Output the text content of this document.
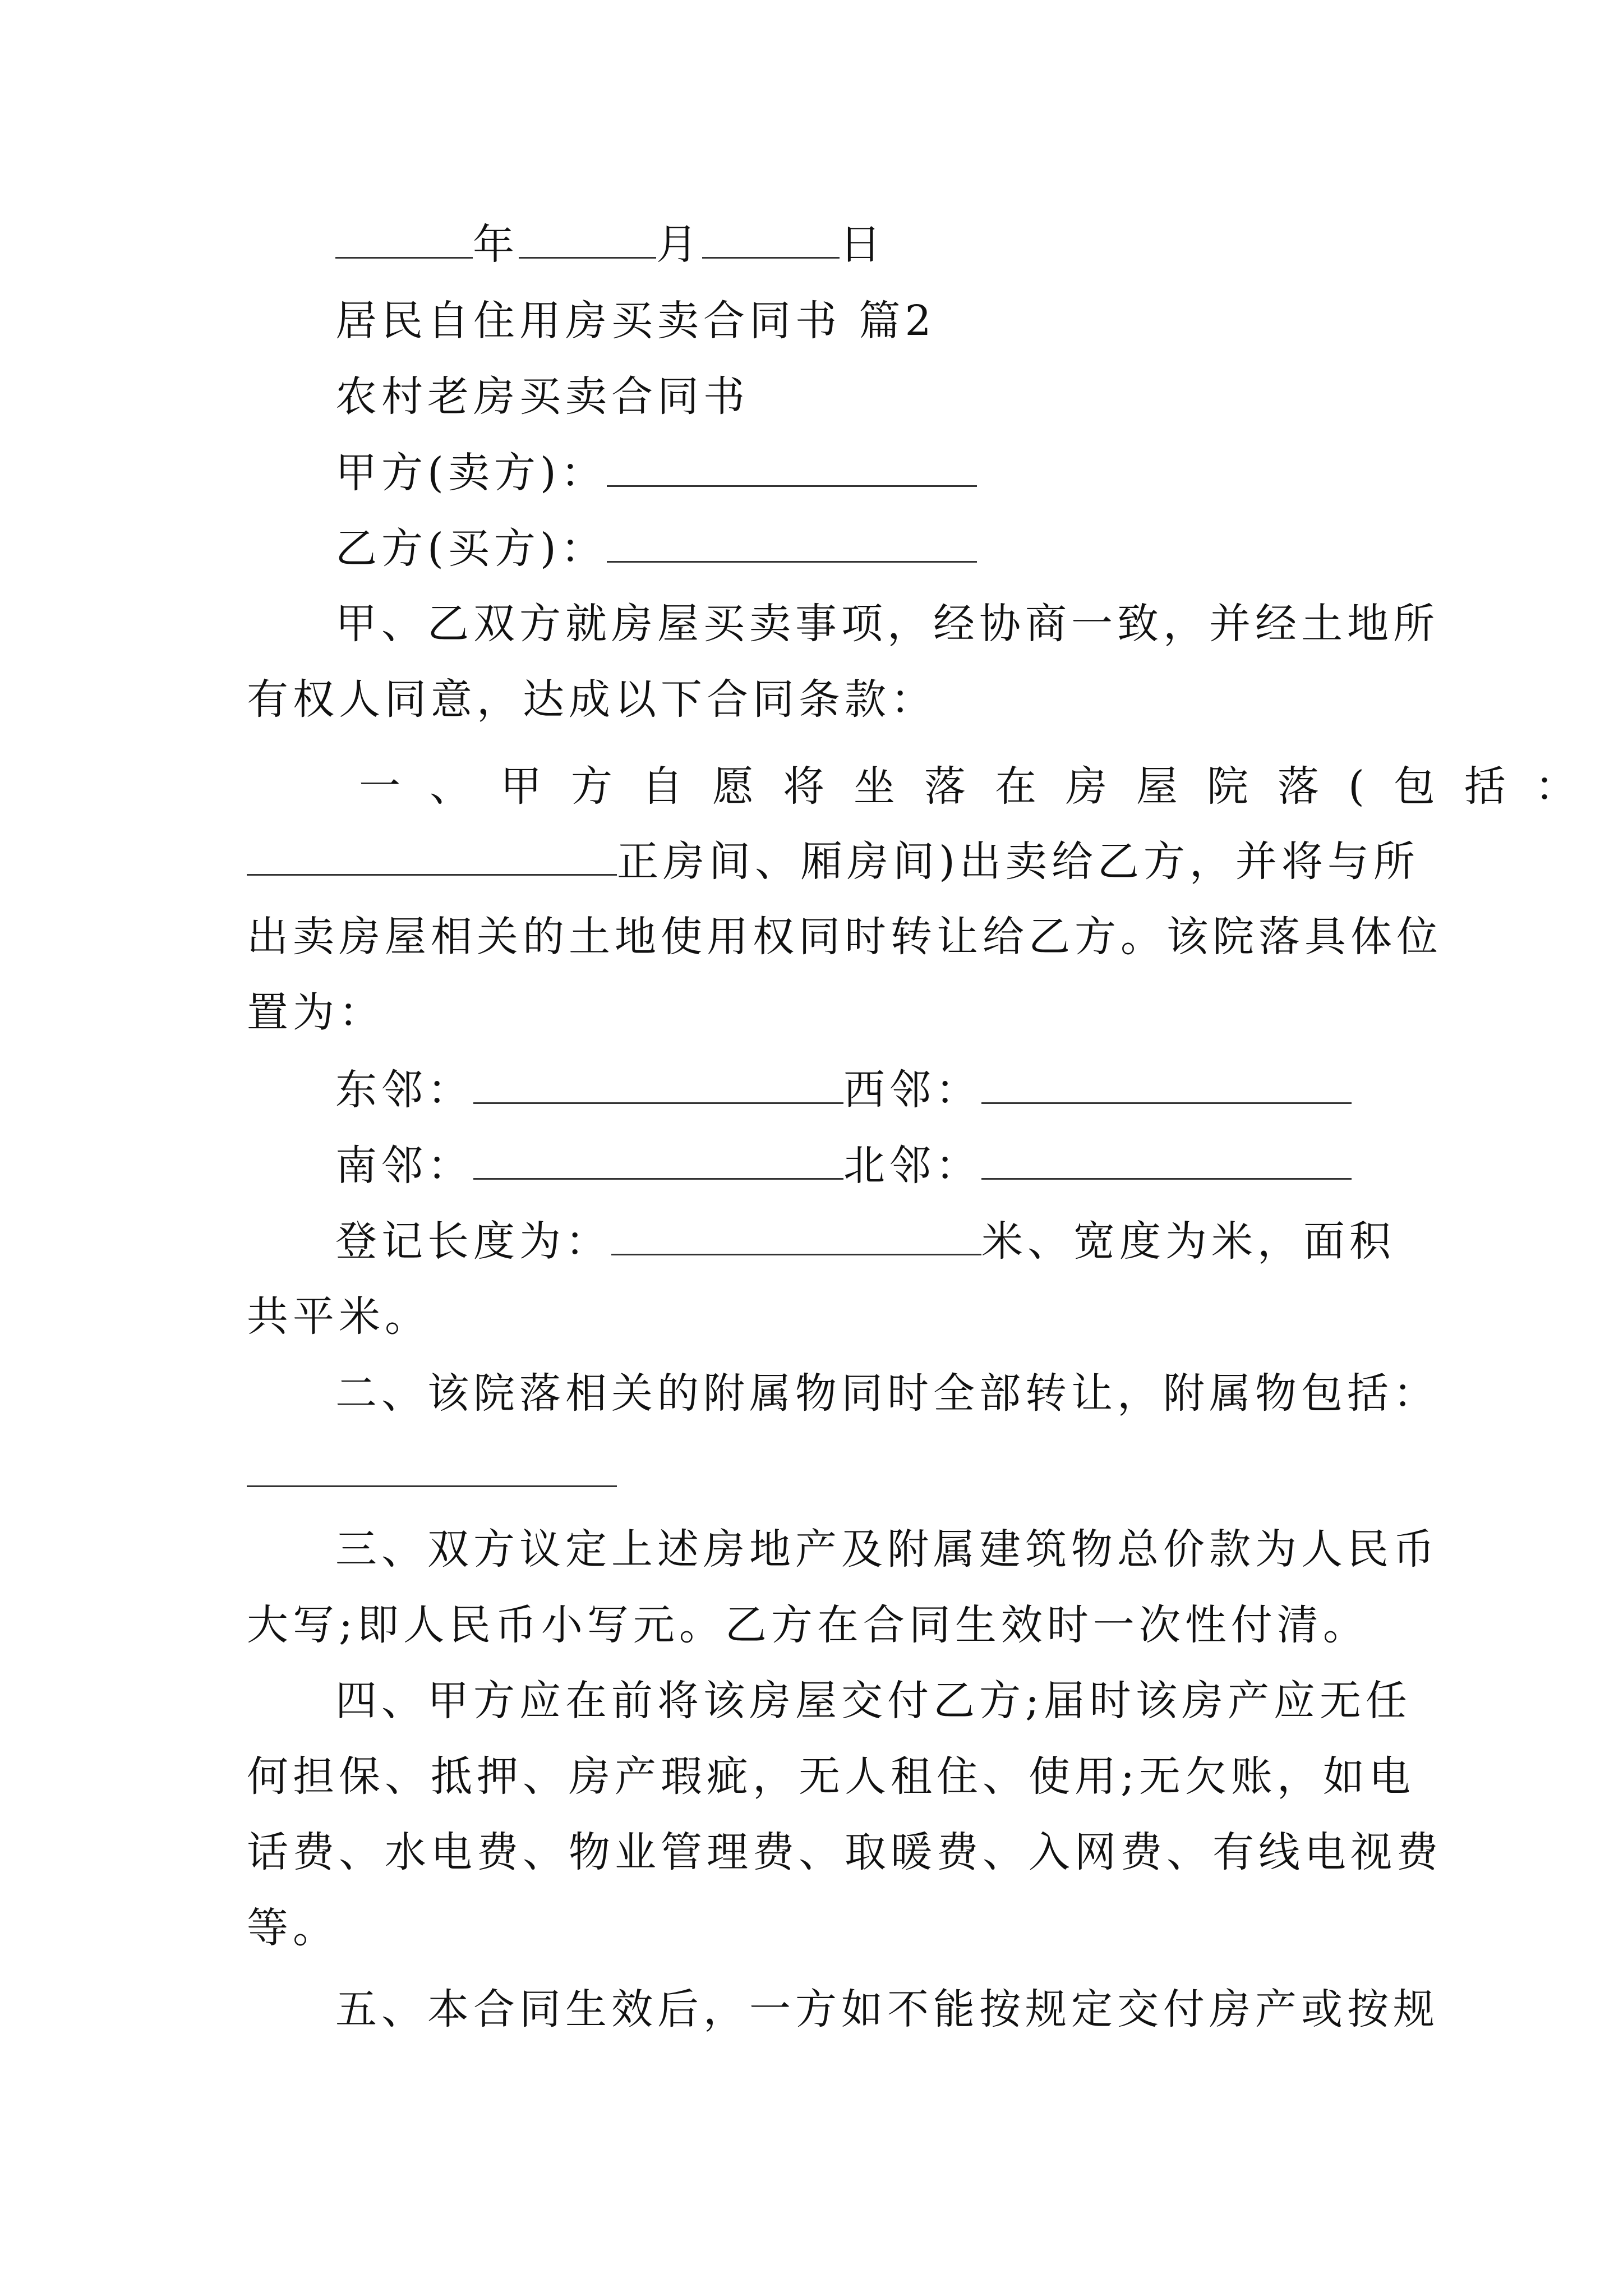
年	月	日
居民自住用房买卖合同书 篇2
农村老房买卖合同书
甲方(卖方)：
乙方(买方)：
甲、乙双方就房屋买卖事项，经协商一致，并经土地所
有权人同意，达成以下合同条款：
一、甲方自愿将坐落在房屋院落(包括：
正房间、厢房间)出卖给乙方，并将与所
出卖房屋相关的土地使用权同时转让给乙方。该院落具体位
置为：
东邻：	西邻：
南邻：	北邻：
登记长度为：	米、宽度为米，面积
共平米。
二、该院落相关的附属物同时全部转让，附属物包括：
三、双方议定上述房地产及附属建筑物总价款为人民币
大写;即人民币小写元。乙方在合同生效时一次性付清。
四、甲方应在前将该房屋交付乙方;届时该房产应无任
何担保、抵押、房产瑕疵，无人租住、使用;无欠账，如电
话费、水电费、物业管理费、取暖费、入网费、有线电视费
等。
五、本合同生效后，一方如不能按规定交付房产或按规
